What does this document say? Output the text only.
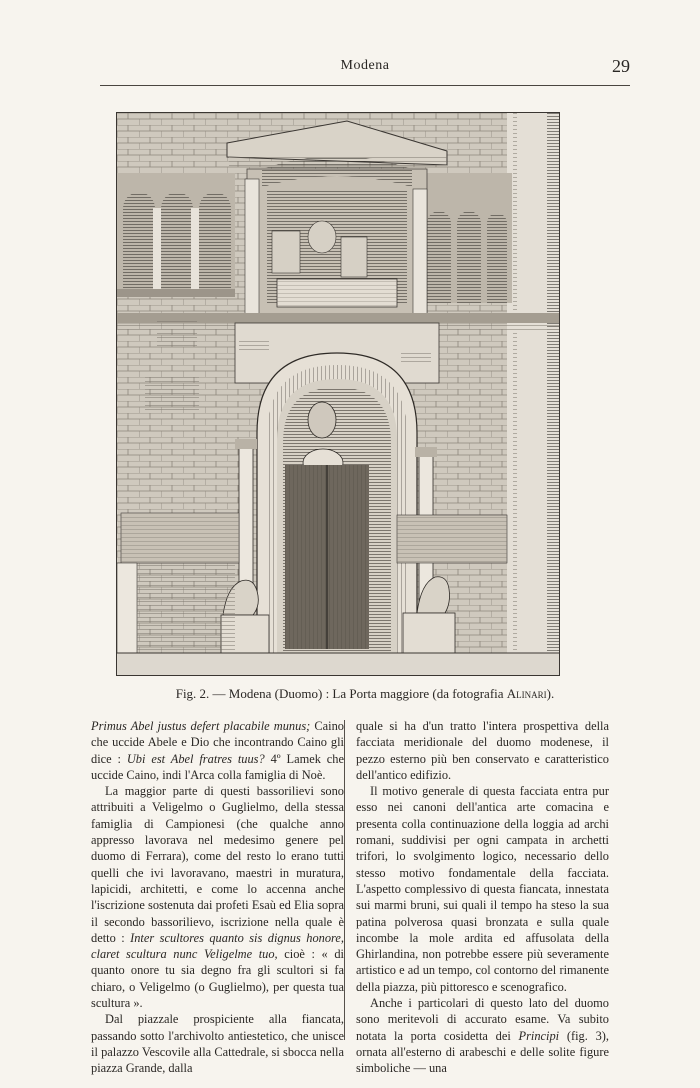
Modena	29
Fig. 2. — Modena (Duomo) : La Porta maggiore (da fotografia Alinari).

Primus Abel justus defert placabile munus; Caino che uccide Abele e Dio che incontrando Caino gli dice : Ubi est Abel fratres tuus? 4º Lamek che uccide Caino, indi l'Arca colla famiglia di Noè.

La maggior parte di questi bassorilievi sono attribuiti a Veligelmo o Guglielmo, della stessa famiglia di Campionesi (che qualche anno appresso lavorava nel medesimo genere pel duomo di Ferrara), come del resto lo erano tutti quelli che ivi lavoravano, maestri in muratura, lapicidi, architetti, e come lo accenna anche l'iscrizione sostenuta dai profeti Esaù ed Elia sopra il secondo bassorilievo, iscrizione nella quale è detto : Inter scultores quanto sis dignus honore, claret scultura nunc Veligelme tuo, cioè : « di quanto onore tu sia degno fra gli scultori si fa chiaro, o Veligelmo (o Guglielmo), per questa tua scultura ».

Dal piazzale prospiciente alla fiancata, passando sotto l'archivolto antiestetico, che unisce il palazzo Vescovile alla Cattedrale, si sbocca nella piazza Grande, dalla

quale si ha d'un tratto l'intera prospettiva della facciata meridionale del duomo modenese, il pezzo esterno più ben conservato e caratteristico dell'antico edifizio.

Il motivo generale di questa facciata entra pur esso nei canoni dell'antica arte comacina e presenta colla continuazione della loggia ad archi romani, suddivisi per ogni campata in archetti trifori, lo svolgimento logico, necessario dello stesso motivo fondamentale della facciata. L'aspetto complessivo di questa fiancata, innestata sui marmi bruni, sui quali il tempo ha steso la sua patina polverosa quasi bronzata e sulla quale incombe la mole ardita ed affusolata della Ghirlandina, non potrebbe essere più severamente artistico e ad un tempo, col contorno del rimanente della piazza, più pittoresco e scenografico.

Anche i particolari di questo lato del duomo sono meritevoli di accurato esame. Va subito notata la porta cosidetta dei Principi (fig. 3), ornata all'esterno di arabeschi e delle solite figure simboliche — una
